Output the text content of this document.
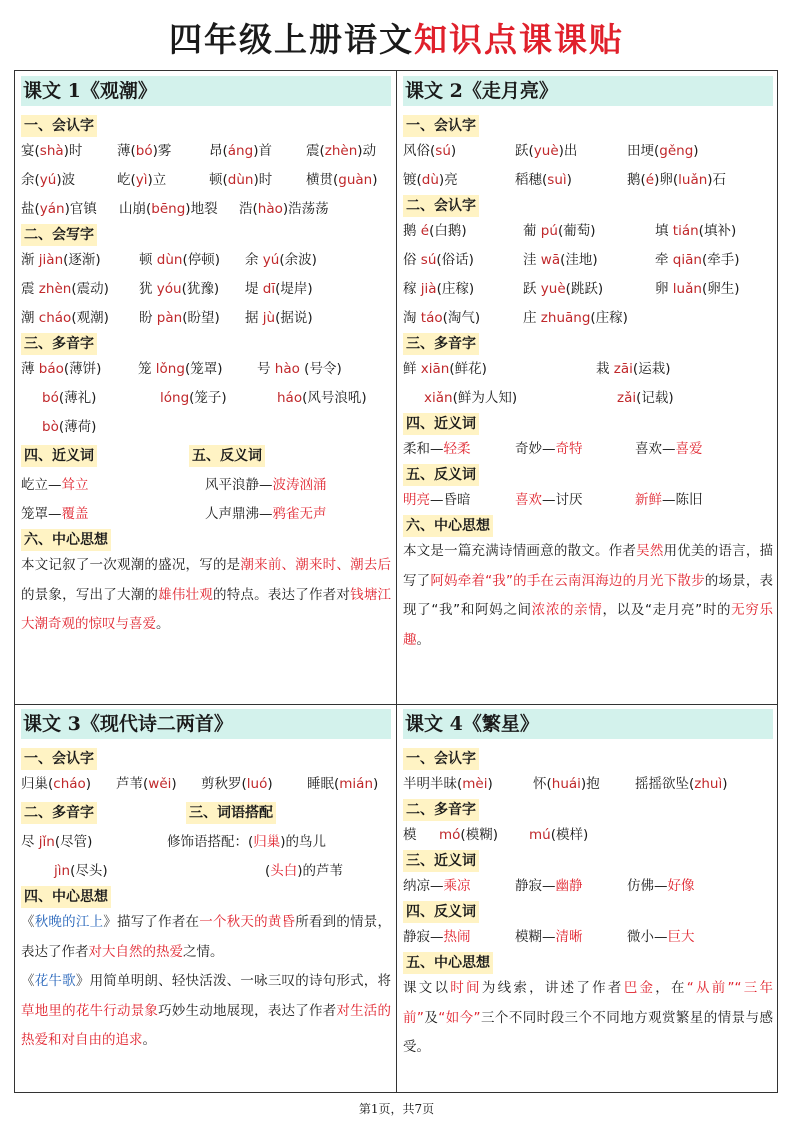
四年级上册语文知识点课课贴
课文 1《观潮》
一、会认字
宴(shà)时	薄(bó)雾	昂(áng)首	震(zhèn)动
余(yú)波	屹(yì)立	顿(dùn)时	横贯(guàn)
盐(yán)官镇 山崩(bēng)地裂 浩(hào)浩荡荡
二、会写字
渐 jiàn(逐渐)	顿 dùn(停顿) 余 yú(余波)
震 zhèn(震动) 犹 yóu(犹豫) 堤 dī(堤岸)
潮 cháo(观潮) 盼 pàn(盼望) 据 jù(据说)
三、多音字
薄 báo(薄饼)	笼 lǒng(笼罩)	号 hào (号令)
bó(薄礼)	lóng(笼子)	háo(风号浪吼)
bò(薄荷)
四、近义词	五、反义词
屹立—耸立	风平浪静—波涛汹涌
笼罩—覆盖	人声鼎沸—鸦雀无声
六、中心思想
本文记叙了一次观潮的盛况，写的是潮来前、潮来时、潮去后的景象，写出了大潮的雄伟壮观的特点。表达了作者对钱塘江大潮奇观的惊叹与喜爱。
课文 2《走月亮》
一、会认字
风俗(sú)	跃(yuè)出	田埂(gěng)
镀(dù)亮	稻穗(suì)	鹅(é)卵(luǎn)石
二、会认字
鹅 é(白鹅)	葡 pú(葡萄)	填 tián(填补)
俗 sú(俗话)	洼 wā(洼地)	牵 qiān(牵手)
稼 jià(庄稼)	跃 yuè(跳跃)	卵 luǎn(卵生)
淘 táo(淘气)	庄 zhuāng(庄稼)
三、多音字
鲜 xiān(鲜花)	栽 zāi(运栽)
xiǎn(鲜为人知)	zǎi(记载)
四、近义词
柔和—轻柔	奇妙—奇特	喜欢—喜爱
五、反义词
明亮—昏暗	喜欢—讨厌	新鲜—陈旧
六、中心思想
本文是一篇充满诗情画意的散文。作者吴然用优美的语言，描写了阿妈牵着“我”的手在云南洱海边的月光下散步的场景，表现了“我”和阿妈之间浓浓的亲情，以及“走月亮”时的无穷乐趣。
课文 3《现代诗二两首》
一、会认字
归巢(cháo) 芦苇(wěi) 剪秋罗(luó)	睡眠(mián)
二、多音字	三、词语搭配
尽 jǐn(尽管)	修饰语搭配：(归巢)的鸟儿
jìn(尽头)	(头白)的芦苇
四、中心思想
《秋晚的江上》描写了作者在一个秋天的黄昏所看到的情景，表达了作者对大自然的热爱之情。
《花牛歌》用简单明朗、轻快活泼、一咏三叹的诗句形式，将草地里的花牛行动景象巧妙生动地展现，表达了作者对生活的热爱和对自由的追求。
课文 4《繁星》
一、会认字
半明半昧(mèi)	怀(huái)抱	摇摇欲坠(zhuì)
二、多音字
模 mó(模糊) mú(模样)
三、近义词
纳凉—乘凉	静寂—幽静	仿佛—好像
四、反义词
静寂—热闹	模糊—清晰	微小—巨大
五、中心思想
课文以时间为线索，讲述了作者巴金，在“从前”“三年前”及“如今”三个不同时段三个不同地方观赏繁星的情景与感受。
第1页，共7页
